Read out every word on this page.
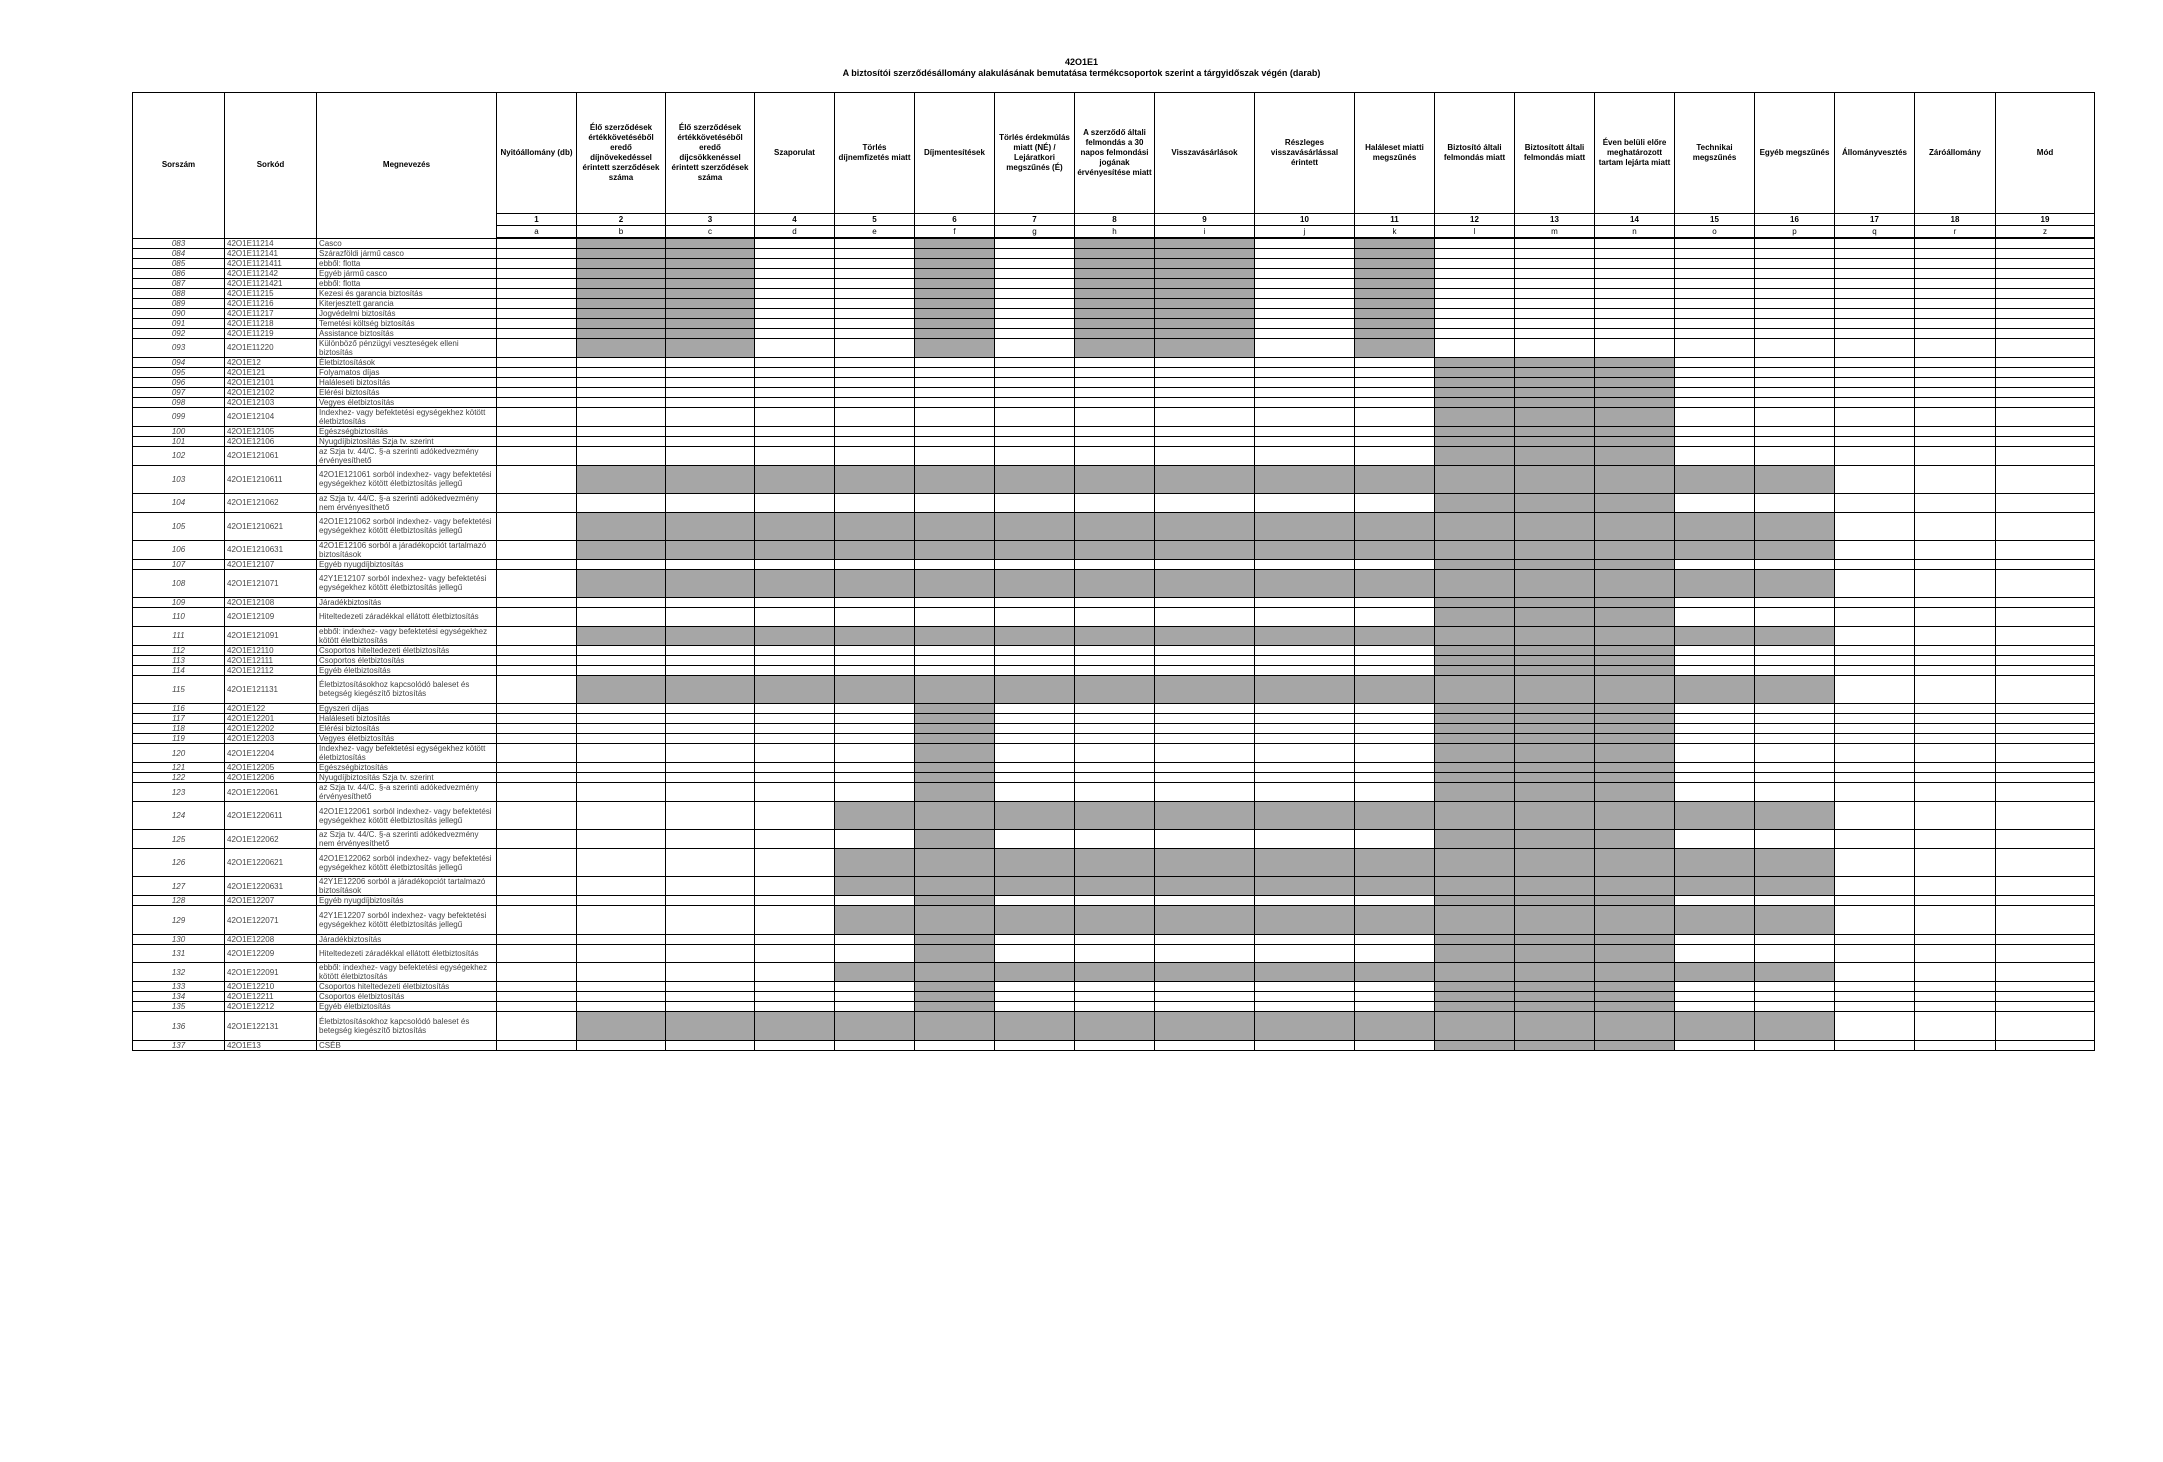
42O1E1
A biztosítói szerződésállomány alakulásának bemutatása termékcsoportok szerint a tárgyidőszak végén (darab)
Sorszám	Sorkód	Megnevezés	Nyitóállomány (db)	Élő szerződések értékkövetéséből eredő díjnövekedéssel érintett szerződések száma	Élő szerződések értékkövetéséből eredő díjcsökkenéssel érintett szerződések száma	Szaporulat	Törlés díjnemfizetés miatt	Díjmentesítések	Törlés érdekmúlás miatt (NÉ) / Lejáratkori megszűnés (É)	A szerződő általi felmondás a 30 napos felmondási jogának érvényesítése miatt	Visszavásárlások	Részleges visszavásárlással érintett	Haláleset miatti megszűnés	Biztosító általi felmondás miatt	Biztosított általi felmondás miatt	Éven belüli előre meghatározott tartam lejárta miatt	Technikai megszűnés	Egyéb megszűnés	Állományvesztés	Záróállomány	Mód
			1	2	3	4	5	6	7	8	9	10	11	12	13	14	15	16	17	18	19
			a	b	c	d	e	f	g	h	i	j	k	l	m	n	o	p	q	r	z
083	42O1E11214	Casco																			
084	42O1E112141	Szárazföldi jármű casco																			
085	42O1E1121411	ebből: flotta																			
086	42O1E112142	Egyéb jármű casco																			
087	42O1E1121421	ebből: flotta																			
088	42O1E11215	Kezesi és garancia biztosítás																			
089	42O1E11216	Kiterjesztett garancia																			
090	42O1E11217	Jogvédelmi biztosítás																			
091	42O1E11218	Temetési költség biztosítás																			
092	42O1E11219	Assistance biztosítás																			
093	42O1E11220	Különböző pénzügyi veszteségek elleni biztosítás																			
094	42O1E12	Életbiztosítások																			
095	42O1E121	Folyamatos díjas																			
096	42O1E12101	Haláleseti biztosítás																			
097	42O1E12102	Elérési biztosítás																			
098	42O1E12103	Vegyes életbiztosítás																			
099	42O1E12104	Indexhez- vagy befektetési egységekhez kötött életbiztosítás																			
100	42O1E12105	Egészségbiztosítás																			
101	42O1E12106	Nyugdíjbiztosítás Szja tv. szerint																			
102	42O1E121061	az Szja tv. 44/C. §-a szerinti adókedvezmény érvényesíthető																			
103	42O1E1210611	42O1E121061 sorból indexhez- vagy befektetési egységekhez kötött életbiztosítás jellegű																			
104	42O1E121062	az Szja tv. 44/C. §-a szerinti adókedvezmény nem érvényesíthető																			
105	42O1E1210621	42O1E121062 sorból indexhez- vagy befektetési egységekhez kötött életbiztosítás jellegű																			
106	42O1E1210631	42O1E12106 sorból a járadékopciót tartalmazó biztosítások																			
107	42O1E12107	Egyéb nyugdíjbiztosítás																			
108	42O1E121071	42Y1E12107 sorból indexhez- vagy befektetési egységekhez kötött életbiztosítás jellegű																			
109	42O1E12108	Járadékbiztosítás																			
110	42O1E12109	Hiteltedezeti záradékkal ellátott életbiztosítás																			
111	42O1E121091	ebből: indexhez- vagy befektetési egységekhez kötött életbiztosítás																			
112	42O1E12110	Csoportos hiteltedezeti életbiztosítás																			
113	42O1E12111	Csoportos életbiztosítás																			
114	42O1E12112	Egyéb életbiztosítás																			
115	42O1E121131	Életbiztosításokhoz kapcsolódó baleset és betegség kiegészítő biztosítás																			
116	42O1E122	Egyszeri díjas																			
117	42O1E12201	Haláleseti biztosítás																			
118	42O1E12202	Elérési biztosítás																			
119	42O1E12203	Vegyes életbiztosítás																			
120	42O1E12204	Indexhez- vagy befektetési egységekhez kötött életbiztosítás																			
121	42O1E12205	Egészségbiztosítás																			
122	42O1E12206	Nyugdíjbiztosítás Szja tv. szerint																			
123	42O1E122061	az Szja tv. 44/C. §-a szerinti adókedvezmény érvényesíthető																			
124	42O1E1220611	42O1E122061 sorból indexhez- vagy befektetési egységekhez kötött életbiztosítás jellegű																			
125	42O1E122062	az Szja tv. 44/C. §-a szerinti adókedvezmény nem érvényesíthető																			
126	42O1E1220621	42O1E122062 sorból indexhez- vagy befektetési egységekhez kötött életbiztosítás jellegű																			
127	42O1E1220631	42Y1E12206 sorból a járadékopciót tartalmazó biztosítások																			
128	42O1E12207	Egyéb nyugdíjbiztosítás																			
129	42O1E122071	42Y1E12207 sorból indexhez- vagy befektetési egységekhez kötött életbiztosítás jellegű																			
130	42O1E12208	Járadékbiztosítás																			
131	42O1E12209	Hiteltedezeti záradékkal ellátott életbiztosítás																			
132	42O1E122091	ebből: indexhez- vagy befektetési egységekhez kötött életbiztosítás																			
133	42O1E12210	Csoportos hiteltedezeti életbiztosítás																			
134	42O1E12211	Csoportos életbiztosítás																			
135	42O1E12212	Egyéb életbiztosítás																			
136	42O1E122131	Életbiztosításokhoz kapcsolódó baleset és betegség kiegészítő biztosítás																			
137	42O1E13	CSÉB																			
